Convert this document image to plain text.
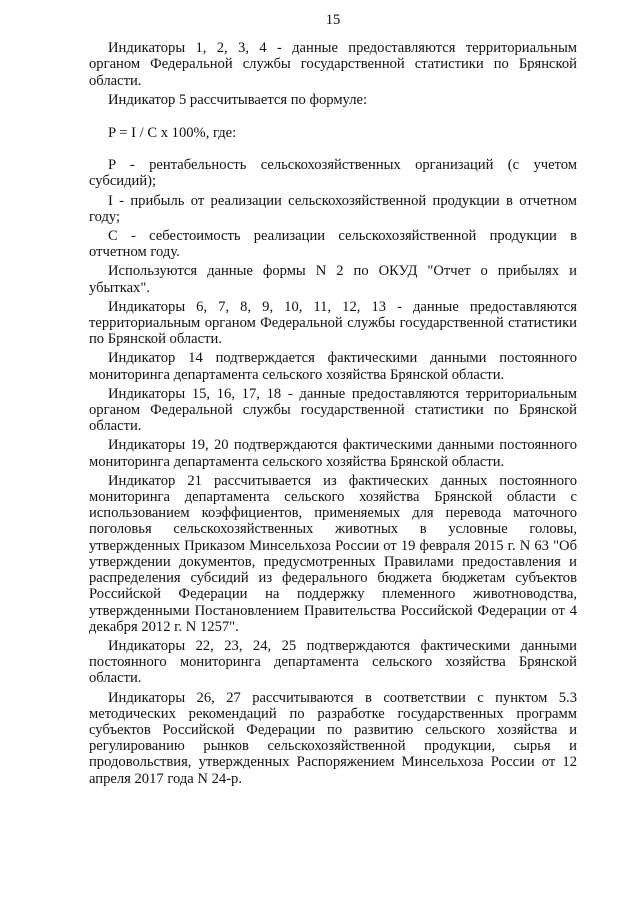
15

Индикаторы 1, 2, 3, 4 - данные предоставляются территориальным органом Федеральной службы государственной статистики по Брянской области.

Индикатор 5 рассчитывается по формуле:

P = I / C x 100%, где:

P - рентабельность сельскохозяйственных организаций (с учетом субсидий);

I - прибыль от реализации сельскохозяйственной продукции в отчетном году;

C - себестоимость реализации сельскохозяйственной продукции в отчетном году.

Используются данные формы N 2 по ОКУД "Отчет о прибылях и убытках".

Индикаторы 6, 7, 8, 9, 10, 11, 12, 13 - данные предоставляются территориальным органом Федеральной службы государственной статистики по Брянской области.

Индикатор 14 подтверждается фактическими данными постоянного мониторинга департамента сельского хозяйства Брянской области.

Индикаторы 15, 16, 17, 18 - данные предоставляются территориальным органом Федеральной службы государственной статистики по Брянской области.

Индикаторы 19, 20 подтверждаются фактическими данными постоянного мониторинга департамента сельского хозяйства Брянской области.

Индикатор 21 рассчитывается из фактических данных постоянного мониторинга департамента сельского хозяйства Брянской области с использованием коэффициентов, применяемых для перевода маточного поголовья сельскохозяйственных животных в условные головы, утвержденных Приказом Минсельхоза России от 19 февраля 2015 г. N 63 "Об утверждении документов, предусмотренных Правилами предоставления и распределения субсидий из федерального бюджета бюджетам субъектов Российской Федерации на поддержку племенного животноводства, утвержденными Постановлением Правительства Российской Федерации от 4 декабря 2012 г. N 1257".

Индикаторы 22, 23, 24, 25 подтверждаются фактическими данными постоянного мониторинга департамента сельского хозяйства Брянской области.

Индикаторы 26, 27 рассчитываются в соответствии с пунктом 5.3 методических рекомендаций по разработке государственных программ субъектов Российской Федерации по развитию сельского хозяйства и регулированию рынков сельскохозяйственной продукции, сырья и продовольствия, утвержденных Распоряжением Минсельхоза России от 12 апреля 2017 года N 24-р.
